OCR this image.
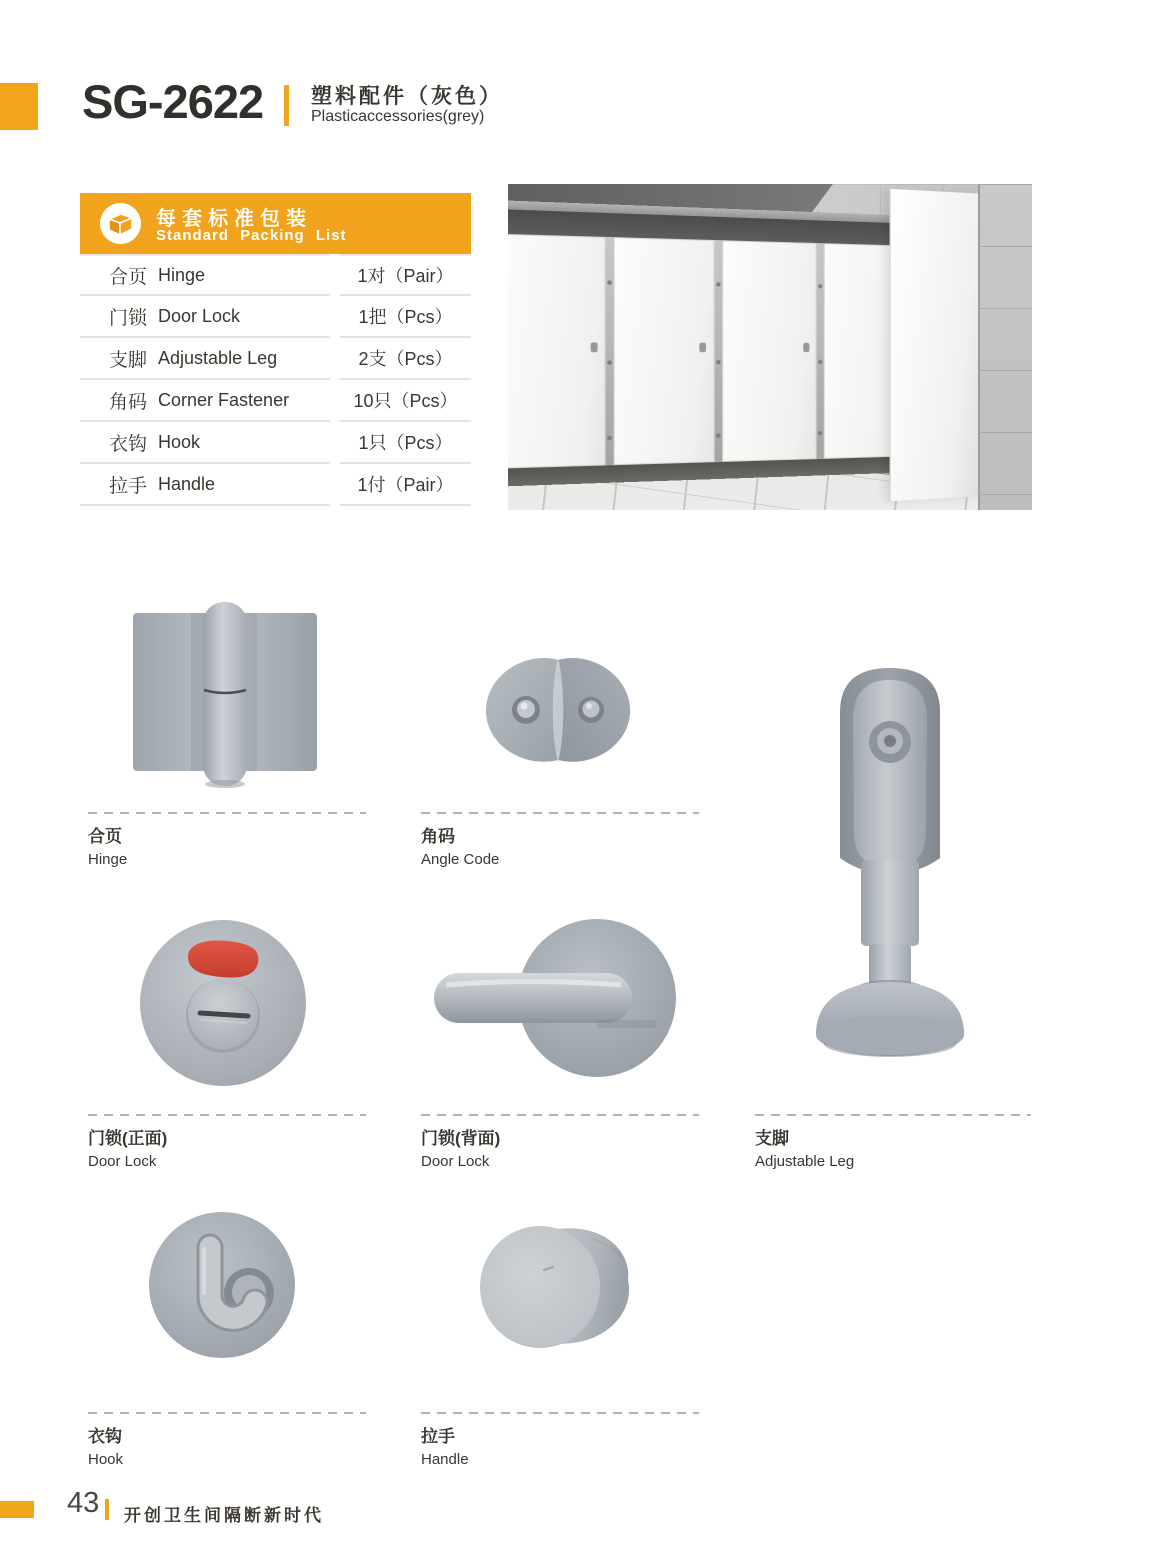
SG-2622 塑料配件（灰色）
Plasticaccessories(grey)
每套标准包装
Standard Packing List
合页 Hinge	1对（Pair）
门锁 Door Lock	1把（Pcs）
支脚 Adjustable Leg	2支（Pcs）
角码 Corner Fastener	10只（Pcs）
衣钩 Hook	1只（Pcs）
拉手 Handle	1付（Pair）
合页
Hinge
角码
Angle Code
门锁(正面)
Door Lock
门锁(背面)
Door Lock
支脚
Adjustable Leg
衣钩
Hook
拉手
Handle
43 开创卫生间隔断新时代
